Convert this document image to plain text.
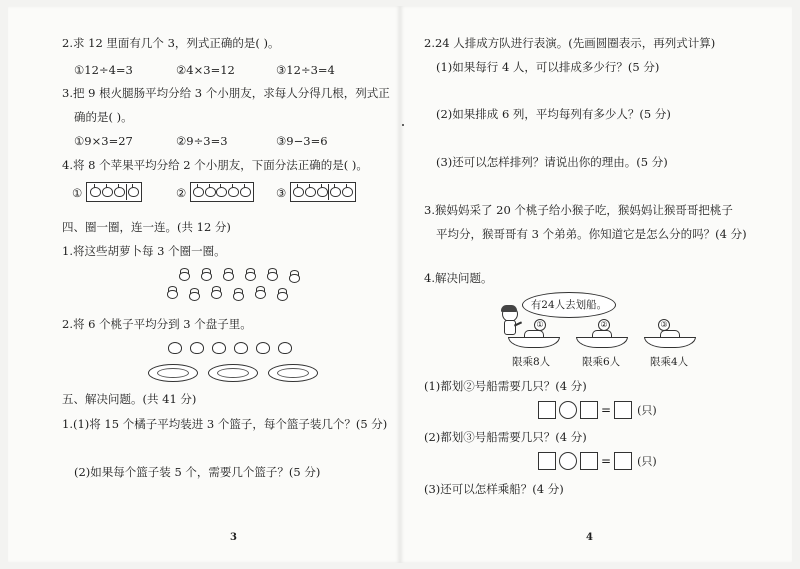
2.求 12 里面有几个 3，列式正确的是( )。
①12÷4=3	②4×3=12	③12÷3=4
3.把 9 根火腿肠平均分给 3 个小朋友，求每人分得几根，列式正
确的是( )。
①9×3=27	②9÷3=3	③9−3=6
4.将 8 个苹果平均分给 2 个小朋友，下面分法正确的是( )。
①	②	③
四、圈一圈，连一连。(共 12 分)
1.将这些胡萝卜每 3 个圈一圈。
2.将 6 个桃子平均分到 3 个盘子里。
五、解决问题。(共 41 分)
1.(1)将 15 个橘子平均装进 3 个篮子，每个篮子装几个？(5 分)
(2)如果每个篮子装 5 个，需要几个篮子？(5 分)
3
2.24 人排成方队进行表演。(先画圆圈表示，再列式计算)
(1)如果每行 4 人，可以排成多少行？(5 分)
(2)如果排成 6 列，平均每列有多少人？(5 分)
(3)还可以怎样排列？请说出你的理由。(5 分)
3.猴妈妈采了 20 个桃子给小猴子吃，猴妈妈让猴哥哥把桃子
平均分，猴哥哥有 3 个弟弟。你知道它是怎么分的吗？(4 分)
4.解决问题。
有24人去划船。
①
限乘8人
②
限乘6人
③
限乘4人
(1)都划②号船需要几只？(4 分)
= (只)
(2)都划③号船需要几只？(4 分)
= (只)
(3)还可以怎样乘船？(4 分)
4
